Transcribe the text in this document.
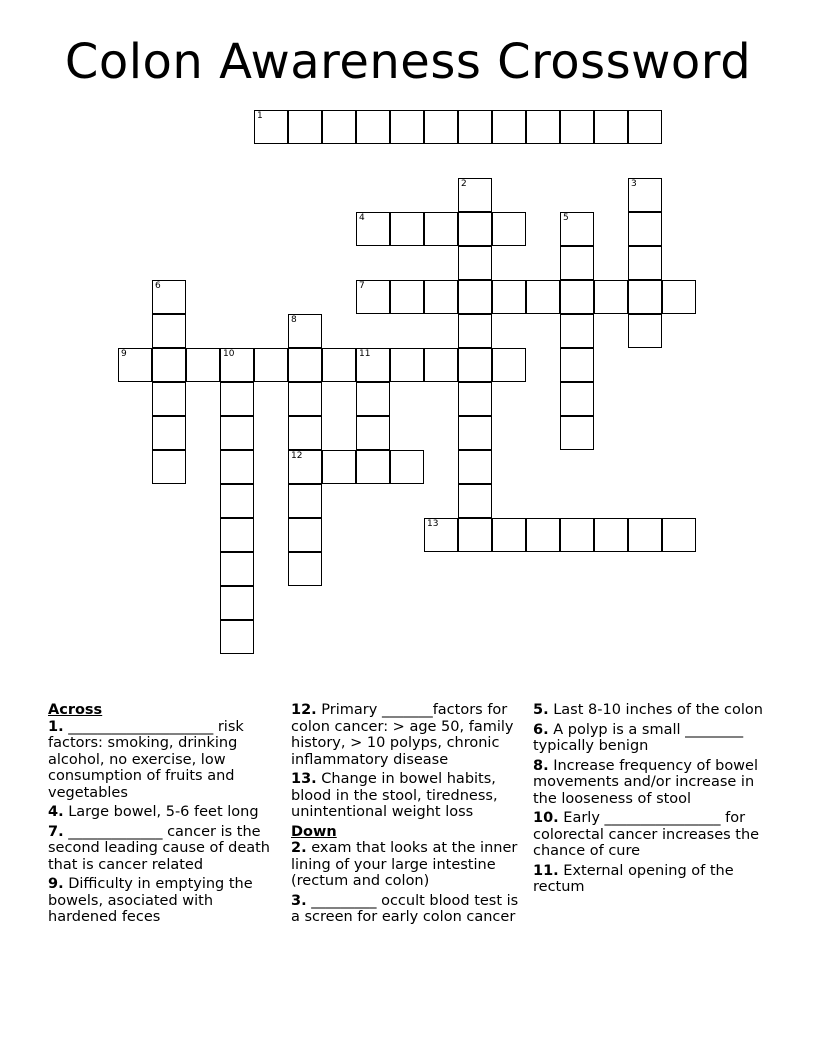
Colon Awareness Crossword
1
4
7
9	10	11
12
13
2	3
5
6
8
Across
1. ____________________ risk factors: smoking, drinking alcohol, no exercise, low consumption of fruits and vegetables
4. Large bowel, 5-6 feet long
7. _____________ cancer is the second leading cause of death that is cancer related
9. Difficulty in emptying the bowels, asociated with hardened feces
12. Primary _______factors for colon cancer: > age 50, family history, > 10 polyps, chronic inflammatory disease
13. Change in bowel habits, blood in the stool, tiredness, unintentional weight loss
Down
2. exam that looks at the inner lining of your large intestine (rectum and colon)
3. _________ occult blood test is a screen for early colon cancer
5. Last 8-10 inches of the colon
6. A polyp is a small ________ typically benign
8. Increase frequency of bowel movements and/or increase in the looseness of stool
10. Early ________________ for colorectal cancer increases the chance of cure
11. External opening of the rectum
